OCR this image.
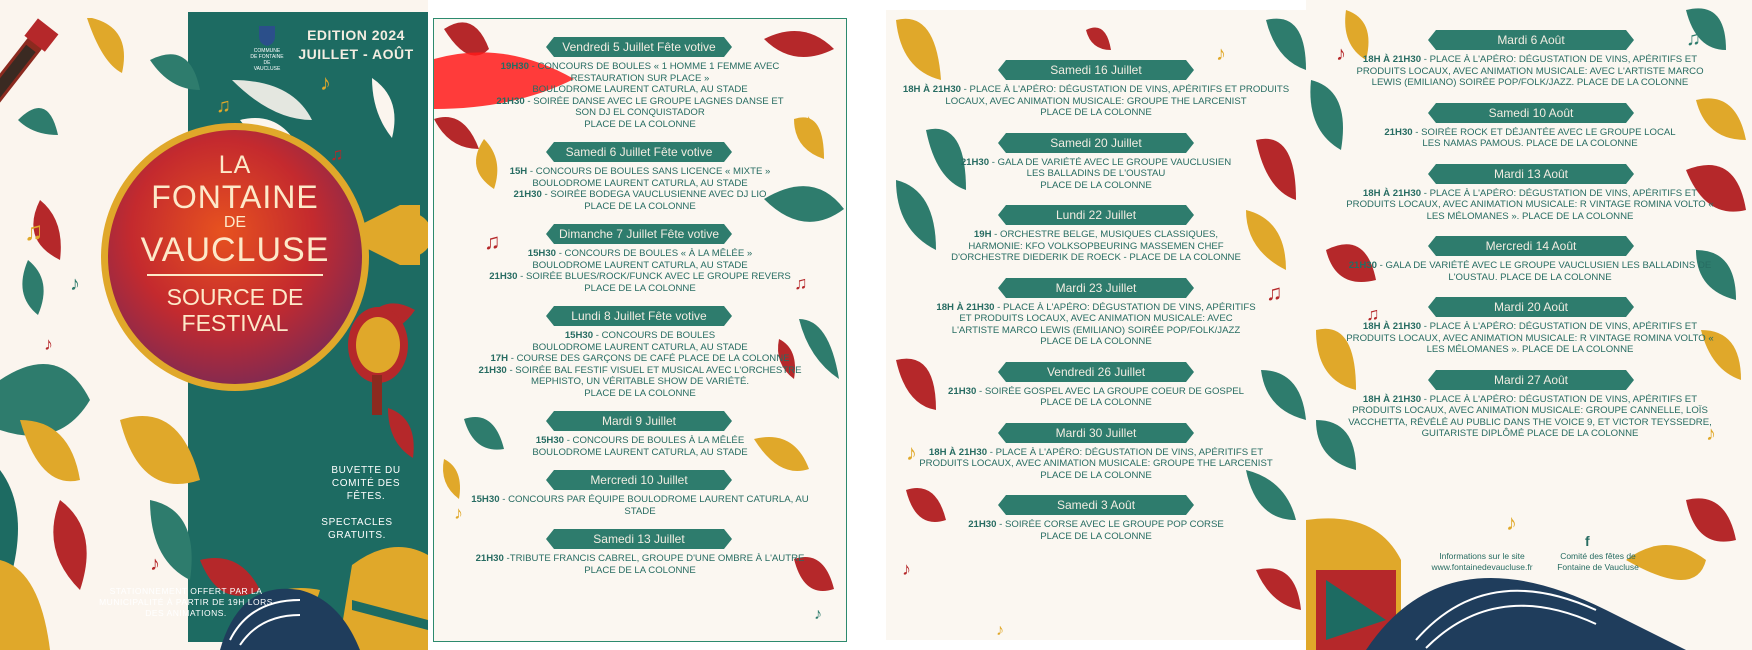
♫
♪
♪
♪
♫
♪
♫
COMMUNE DE FONTAINE DE VAUCLUSE
EDITION 2024
JUILLET - AOÛT
LA
FONTAINE
DE
VAUCLUSE
SOURCE DE
FESTIVAL
BUVETTE DU COMITÉ DES FÊTES.
SPECTACLES GRATUITS.
STATIONNEMENT OFFERT PAR LA MUNICIPALITÉ À PARTIR DE 19H LORS DES ANIMATIONS.
♫
♪
♪
♫
♪
Vendredi 5 Juillet Fête votive
19H30 - CONCOURS DE BOULES « 1 HOMME 1 FEMME AVEC
RESTAURATION SUR PLACE »
BOULODROME LAURENT CATURLA, AU STADE
21H30 - SOIRÉE DANSE AVEC LE GROUPE LAGNES DANSE ET
SON DJ EL CONQUISTADOR
PLACE DE LA COLONNE
Samedi 6 Juillet Fête votive
15H - CONCOURS DE BOULES SANS LICENCE « MIXTE »
BOULODROME LAURENT CATURLA, AU STADE
21H30 - SOIRÉE BODEGA VAUCLUSIENNE AVEC DJ LIO
PLACE DE LA COLONNE
Dimanche 7 Juillet Fête votive
15H30 - CONCOURS DE BOULES « À LA MÊLÉE »
BOULODROME LAURENT CATURLA, AU STADE
21H30 - SOIRÉE BLUES/ROCK/FUNCK AVEC LE GROUPE REVERS
PLACE DE LA COLONNE
Lundi 8 Juillet Fête votive
15H30 - CONCOURS DE BOULES
BOULODROME LAURENT CATURLA, AU STADE
17H - COURSE DES GARÇONS DE CAFÉ PLACE DE LA COLONNE
21H30 - SOIRÉE BAL FESTIF VISUEL ET MUSICAL AVEC L'ORCHESTRE
MEPHISTO, UN VÉRITABLE SHOW DE VARIÉTÉ.
PLACE DE LA COLONNE
Mardi 9 Juillet
15H30 - CONCOURS DE BOULES À LA MÊLÉE
BOULODROME LAURENT CATURLA, AU STADE
Mercredi 10 Juillet
15H30 - CONCOURS PAR ÉQUIPE BOULODROME LAURENT CATURLA, AU
STADE
Samedi 13 Juillet
21H30 -TRIBUTE FRANCIS CABREL, GROUPE D'UNE OMBRE À L'AUTRE
PLACE DE LA COLONNE
♪
♫
♪
♪
♪
Samedi 16 Juillet
18H À 21H30 - PLACE À L'APÉRO: DÉGUSTATION DE VINS, APÉRITIFS ET PRODUITS
LOCAUX, AVEC ANIMATION MUSICALE: GROUPE THE LARCENIST
PLACE DE LA COLONNE
Samedi 20 Juillet
21H30 - GALA DE VARIÉTÉ AVEC LE GROUPE VAUCLUSIEN
LES BALLADINS DE L'OUSTAU
PLACE DE LA COLONNE
Lundi 22 Juillet
19H - ORCHESTRE BELGE, MUSIQUES CLASSIQUES,
HARMONIE: KFO VOLKSOPBEURING MASSEMEN CHEF
D'ORCHESTRE DIEDERIK DE ROECK - PLACE DE LA COLONNE
Mardi 23 Juillet
18H À 21H30 - PLACE À L'APÉRO: DÉGUSTATION DE VINS, APÉRITIFS
ET PRODUITS LOCAUX, AVEC ANIMATION MUSICALE: AVEC
L'ARTISTE MARCO LEWIS (EMILIANO) SOIRÉE POP/FOLK/JAZZ
PLACE DE LA COLONNE
Vendredi 26 Juillet
21H30 - SOIRÉE GOSPEL AVEC LA GROUPE COEUR DE GOSPEL
PLACE DE LA COLONNE
Mardi 30 Juillet
18H À 21H30 - PLACE À L'APÉRO: DÉGUSTATION DE VINS, APÉRITIFS ET
PRODUITS LOCAUX, AVEC ANIMATION MUSICALE: GROUPE THE LARCENIST
PLACE DE LA COLONNE
Samedi 3 Août
21H30 - SOIRÉE CORSE AVEC LE GROUPE POP CORSE
PLACE DE LA COLONNE
♪
♫
♪
♫
♪
Mardi 6 Août
18H À 21H30 - PLACE À L'APÉRO: DÉGUSTATION DE VINS, APÉRITIFS ET
PRODUITS LOCAUX, AVEC ANIMATION MUSICALE: AVEC L'ARTISTE MARCO
LEWIS (EMILIANO) SOIRÉE POP/FOLK/JAZZ. PLACE DE LA COLONNE
Samedi 10 Août
21H30 - SOIRÉE ROCK ET DÉJANTÉE AVEC LE GROUPE LOCAL
LES NAMAS PAMOUS. PLACE DE LA COLONNE
Mardi 13 Août
18H À 21H30 - PLACE À L'APÉRO: DÉGUSTATION DE VINS, APÉRITIFS ET
PRODUITS LOCAUX, AVEC ANIMATION MUSICALE: R VINTAGE ROMINA VOLTO «
LES MÉLOMANES ». PLACE DE LA COLONNE
Mercredi 14 Août
21H30 - GALA DE VARIÉTÉ AVEC LE GROUPE VAUCLUSIEN LES BALLADINS DE
L'OUSTAU. PLACE DE LA COLONNE
Mardi 20 Août
18H À 21H30 - PLACE À L'APÉRO: DÉGUSTATION DE VINS, APÉRITIFS ET
PRODUITS LOCAUX, AVEC ANIMATION MUSICALE: R VINTAGE ROMINA VOLTO «
LES MÉLOMANES ». PLACE DE LA COLONNE
Mardi 27 Août
18H À 21H30 - PLACE À L'APÉRO: DÉGUSTATION DE VINS, APÉRITIFS ET
PRODUITS LOCAUX, AVEC ANIMATION MUSICALE: GROUPE CANNELLE, LOÏS
VACCHETTA, RÉVÉLÉ AU PUBLIC DANS THE VOICE 9, ET VICTOR TEYSSEDRE,
GUITARISTE DIPLÔMÉ PLACE DE LA COLONNE
Informations sur le site
www.fontainedevaucluse.fr
f
Comité des fêtes de
Fontaine de Vaucluse
